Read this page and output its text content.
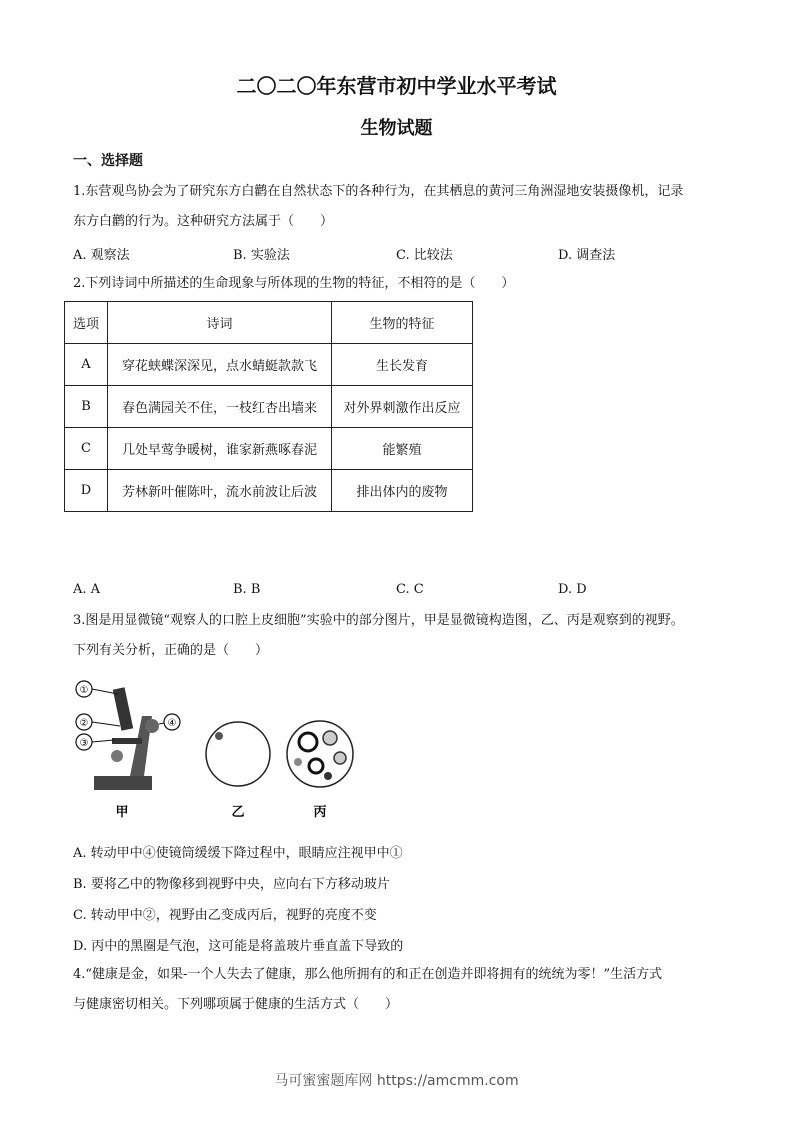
二〇二〇年东营市初中学业水平考试
生物试题
一、选择题
1.东营观鸟协会为了研究东方白鹳在自然状态下的各种行为，在其栖息的黄河三角洲湿地安装摄像机，记录
东方白鹳的行为。这种研究方法属于（　　）
A. 观察法	B. 实验法	C. 比较法	D. 调查法
2.下列诗词中所描述的生命现象与所体现的生物的特征，不相符的是（　　）
选项	诗词	生物的特征
A	穿花蛱蝶深深见，点水蜻蜓款款飞	生长发育
B	春色满园关不住，一枝红杏出墙来	对外界刺激作出反应
C	几处早莺争暖树，谁家新燕啄春泥	能繁殖
D	芳林新叶催陈叶，流水前波让后波	排出体内的废物
A. A	B. B	C. C	D. D
3.图是用显微镜“观察人的口腔上皮细胞”实验中的部分图片，甲是显微镜构造图，乙、丙是观察到的视野。
下列有关分析，正确的是（　　）
①
②
③
④
甲	乙	丙
A. 转动甲中④使镜筒缓缓下降过程中，眼睛应注视甲中①
B. 要将乙中的物像移到视野中央，应向右下方移动玻片
C. 转动甲中②，视野由乙变成丙后，视野的亮度不变
D. 丙中的黑圈是气泡，这可能是将盖玻片垂直盖下导致的
4.“健康是金，如果-一个人失去了健康，那么他所拥有的和正在创造并即将拥有的统统为零！”生活方式
与健康密切相关。下列哪项属于健康的生活方式（　　）
马可蜜蜜题库网 https://amcmm.com
